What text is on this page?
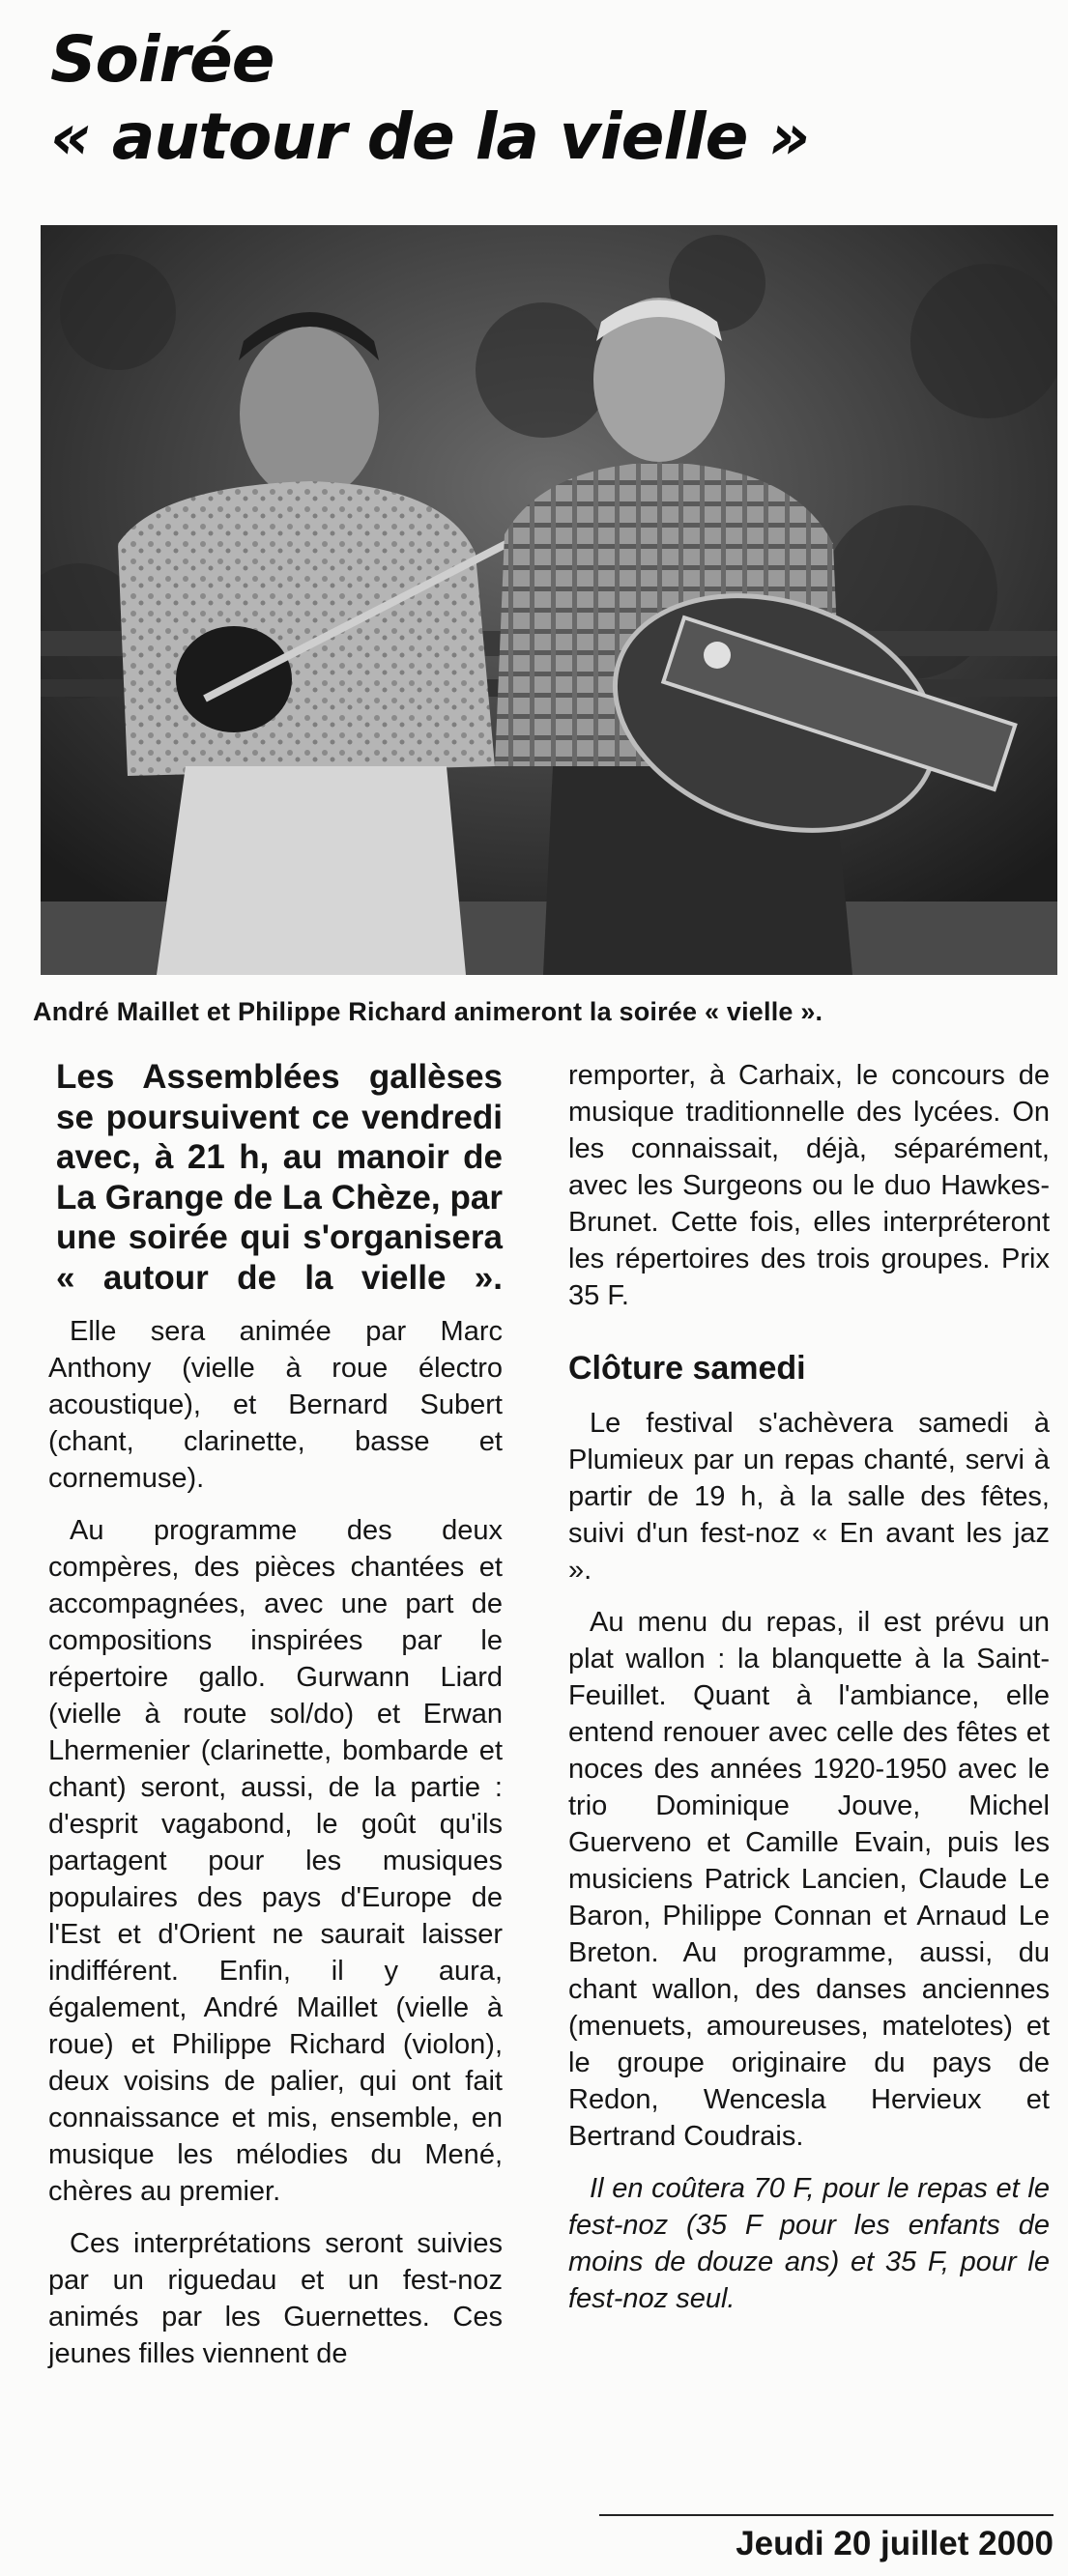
Soirée
« autour de la vielle »
André Maillet et Philippe Richard animeront la soirée « vielle ».

Les Assemblées gallèses se poursuivent ce vendredi avec, à 21 h, au manoir de La Grange de La Chèze, par une soirée qui s'organisera « autour de la vielle ».

Elle sera animée par Marc Anthony (vielle à roue électro acoustique), et Bernard Subert (chant, clarinette, basse et cornemuse).

Au programme des deux compères, des pièces chantées et accompagnées, avec une part de compositions inspirées par le répertoire gallo. Gurwann Liard (vielle à route sol/do) et Erwan Lhermenier (clarinette, bombarde et chant) seront, aussi, de la partie : d'esprit vagabond, le goût qu'ils partagent pour les musiques populaires des pays d'Europe de l'Est et d'Orient ne saurait laisser indifférent. Enfin, il y aura, également, André Maillet (vielle à roue) et Philippe Richard (violon), deux voisins de palier, qui ont fait connaissance et mis, ensemble, en musique les mélodies du Mené, chères au premier.

Ces interprétations seront suivies par un riguedau et un fest-noz animés par les Guernettes. Ces jeunes filles viennent de

remporter, à Carhaix, le concours de musique traditionnelle des lycées. On les connaissait, déjà, séparément, avec les Surgeons ou le duo Hawkes-Brunet. Cette fois, elles interpréteront les répertoires des trois groupes. Prix 35 F.

Clôture samedi

Le festival s'achèvera samedi à Plumieux par un repas chanté, servi à partir de 19 h, à la salle des fêtes, suivi d'un fest-noz « En avant les jaz ».

Au menu du repas, il est prévu un plat wallon : la blanquette à la Saint-Feuillet. Quant à l'ambiance, elle entend renouer avec celle des fêtes et noces des années 1920-1950 avec le trio Dominique Jouve, Michel Guerveno et Camille Evain, puis les musiciens Patrick Lancien, Claude Le Baron, Philippe Connan et Arnaud Le Breton. Au programme, aussi, du chant wallon, des danses anciennes (menuets, amoureuses, matelotes) et le groupe originaire du pays de Redon, Wencesla Hervieux et Bertrand Coudrais.

Il en coûtera 70 F, pour le repas et le fest-noz (35 F pour les enfants de moins de douze ans) et 35 F, pour le fest-noz seul.

Jeudi 20 juillet 2000
